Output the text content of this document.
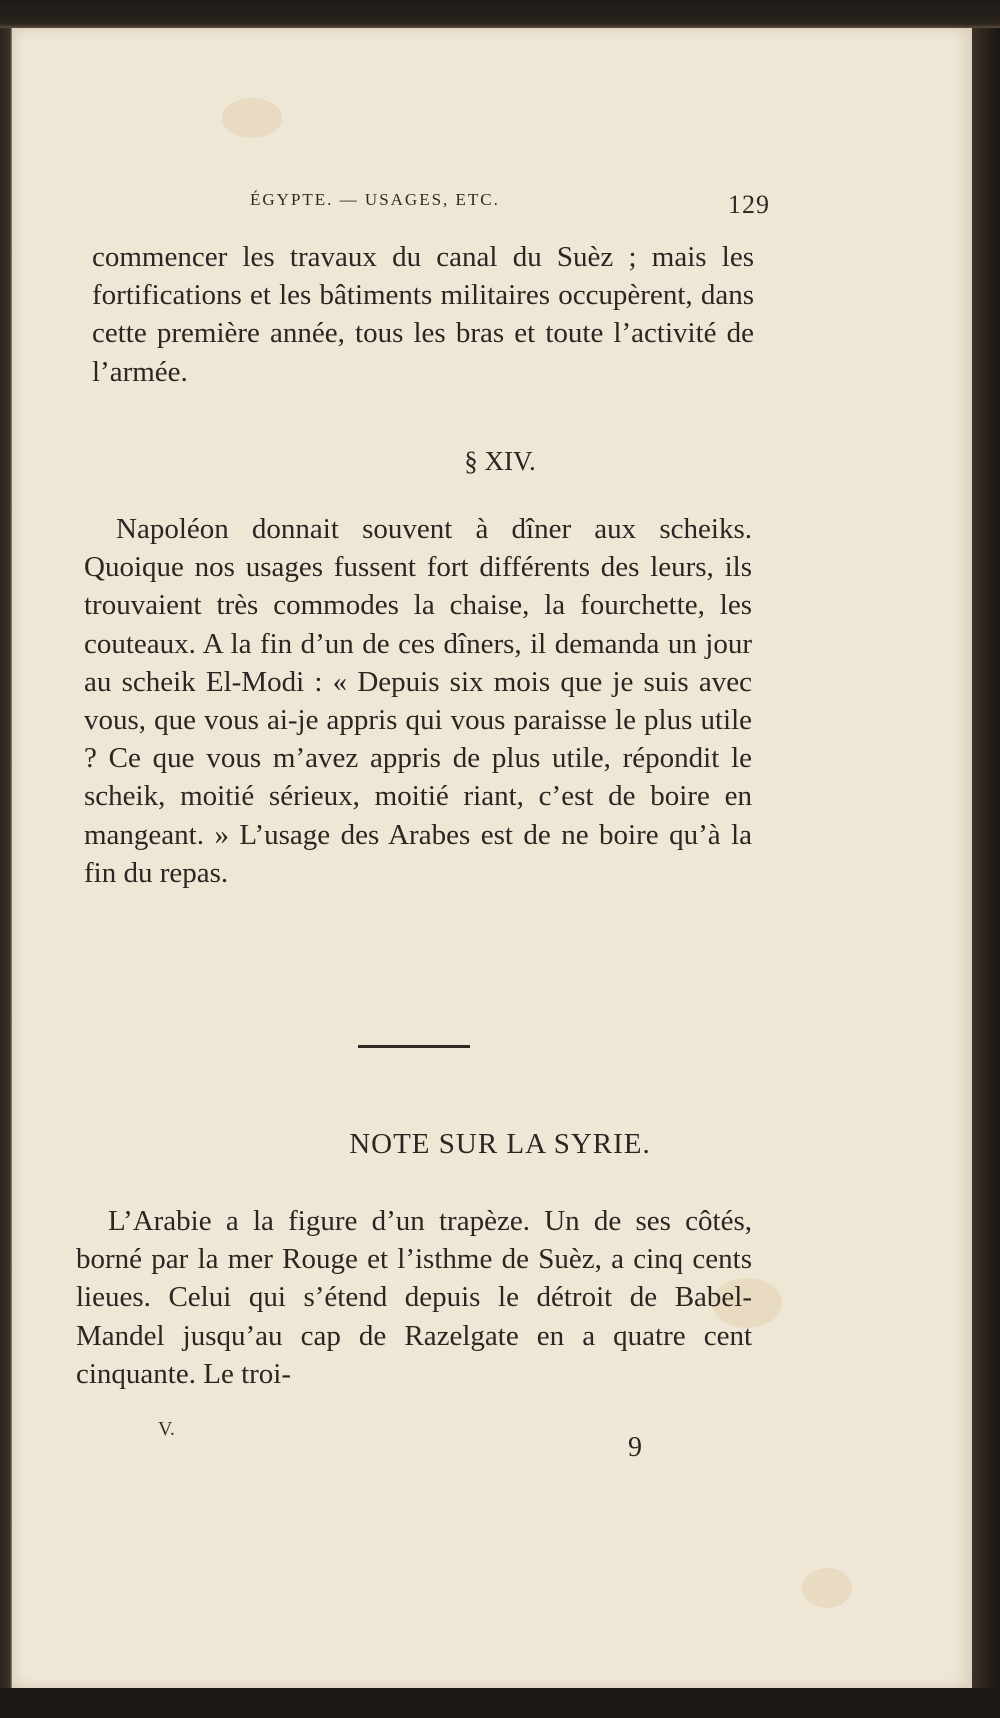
ÉGYPTE. — USAGES, ETC.	129

commencer les travaux du canal du Suèz ; mais les fortifications et les bâtiments militaires occupèrent, dans cette première année, tous les bras et toute l’activité de l’armée.

§ XIV.

Napoléon donnait souvent à dîner aux scheiks. Quoique nos usages fussent fort différents des leurs, ils trouvaient très commodes la chaise, la fourchette, les couteaux. A la fin d’un de ces dîners, il demanda un jour au scheik El-Modi : « Depuis six mois que je suis avec vous, que vous ai-je appris qui vous paraisse le plus utile ? Ce que vous m’avez appris de plus utile, répondit le scheik, moitié sérieux, moitié riant, c’est de boire en mangeant. » L’usage des Arabes est de ne boire qu’à la fin du repas.

NOTE SUR LA SYRIE.

L’Arabie a la figure d’un trapèze. Un de ses côtés, borné par la mer Rouge et l’isthme de Suèz, a cinq cents lieues. Celui qui s’étend depuis le détroit de Babel-Mandel jusqu’au cap de Razelgate en a quatre cent cinquante. Le troi-

V.
9
